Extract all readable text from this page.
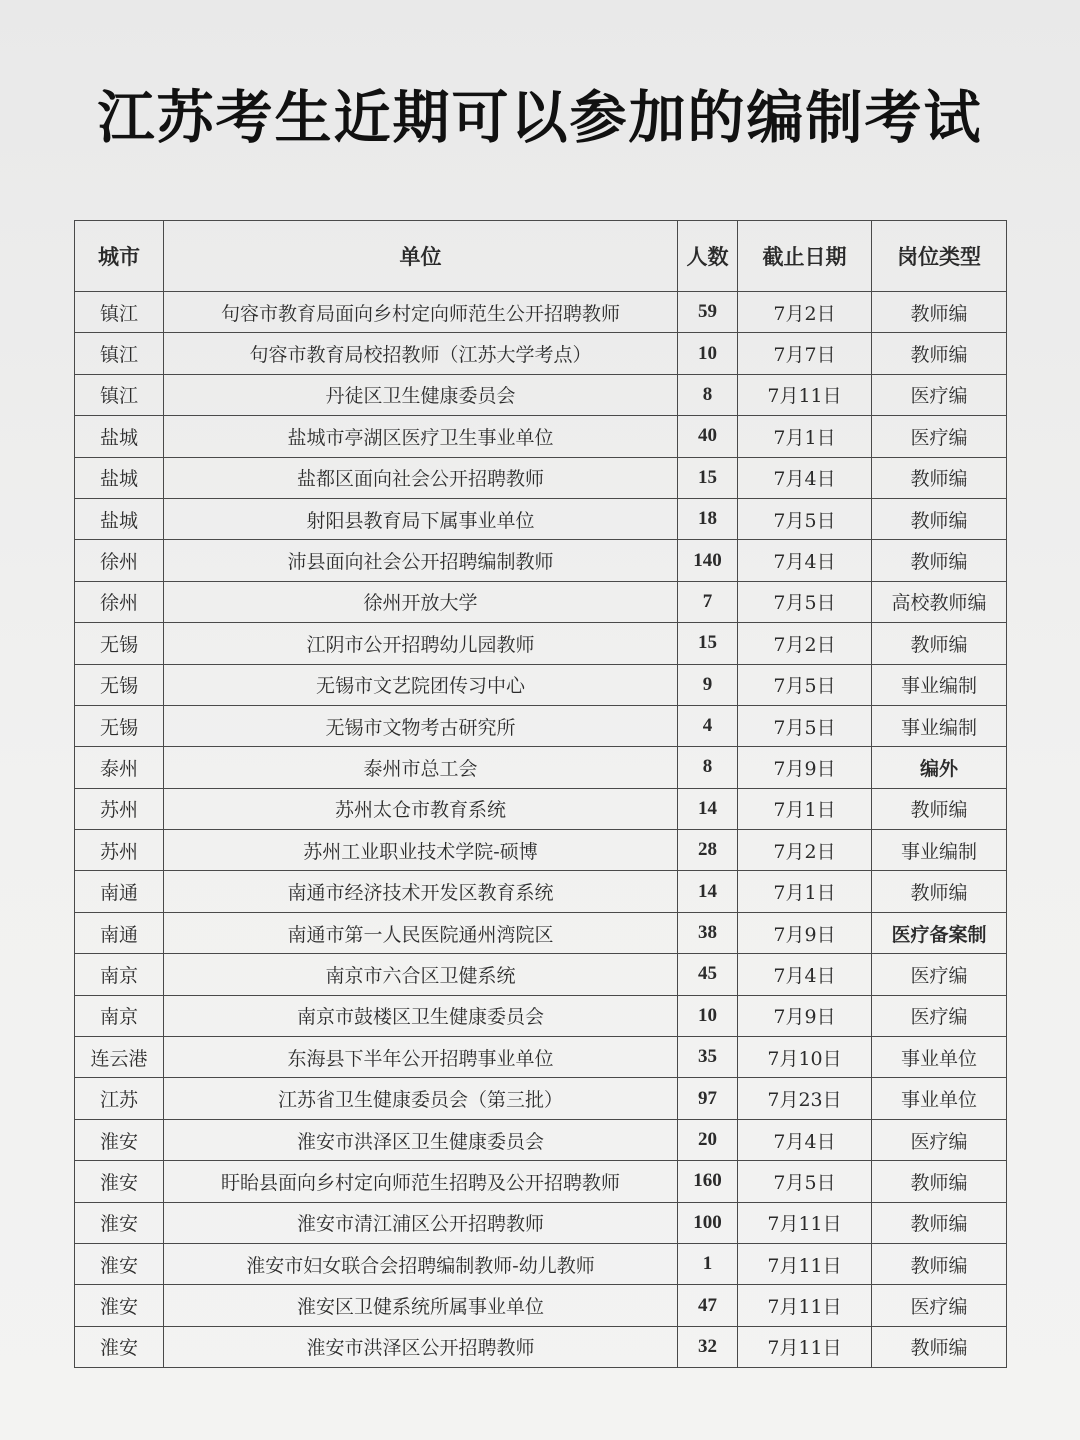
江苏考生近期可以参加的编制考试
城市	单位	人数	截止日期	岗位类型
镇江	句容市教育局面向乡村定向师范生公开招聘教师	59	7月2日	教师编
镇江	句容市教育局校招教师（江苏大学考点）	10	7月7日	教师编
镇江	丹徒区卫生健康委员会	8	7月11日	医疗编
盐城	盐城市亭湖区医疗卫生事业单位	40	7月1日	医疗编
盐城	盐都区面向社会公开招聘教师	15	7月4日	教师编
盐城	射阳县教育局下属事业单位	18	7月5日	教师编
徐州	沛县面向社会公开招聘编制教师	140	7月4日	教师编
徐州	徐州开放大学	7	7月5日	高校教师编
无锡	江阴市公开招聘幼儿园教师	15	7月2日	教师编
无锡	无锡市文艺院团传习中心	9	7月5日	事业编制
无锡	无锡市文物考古研究所	4	7月5日	事业编制
泰州	泰州市总工会	8	7月9日	编外
苏州	苏州太仓市教育系统	14	7月1日	教师编
苏州	苏州工业职业技术学院-硕博	28	7月2日	事业编制
南通	南通市经济技术开发区教育系统	14	7月1日	教师编
南通	南通市第一人民医院通州湾院区	38	7月9日	医疗备案制
南京	南京市六合区卫健系统	45	7月4日	医疗编
南京	南京市鼓楼区卫生健康委员会	10	7月9日	医疗编
连云港	东海县下半年公开招聘事业单位	35	7月10日	事业单位
江苏	江苏省卫生健康委员会（第三批）	97	7月23日	事业单位
淮安	淮安市洪泽区卫生健康委员会	20	7月4日	医疗编
淮安	盱眙县面向乡村定向师范生招聘及公开招聘教师	160	7月5日	教师编
淮安	淮安市清江浦区公开招聘教师	100	7月11日	教师编
淮安	淮安市妇女联合会招聘编制教师-幼儿教师	1	7月11日	教师编
淮安	淮安区卫健系统所属事业单位	47	7月11日	医疗编
淮安	淮安市洪泽区公开招聘教师	32	7月11日	教师编
